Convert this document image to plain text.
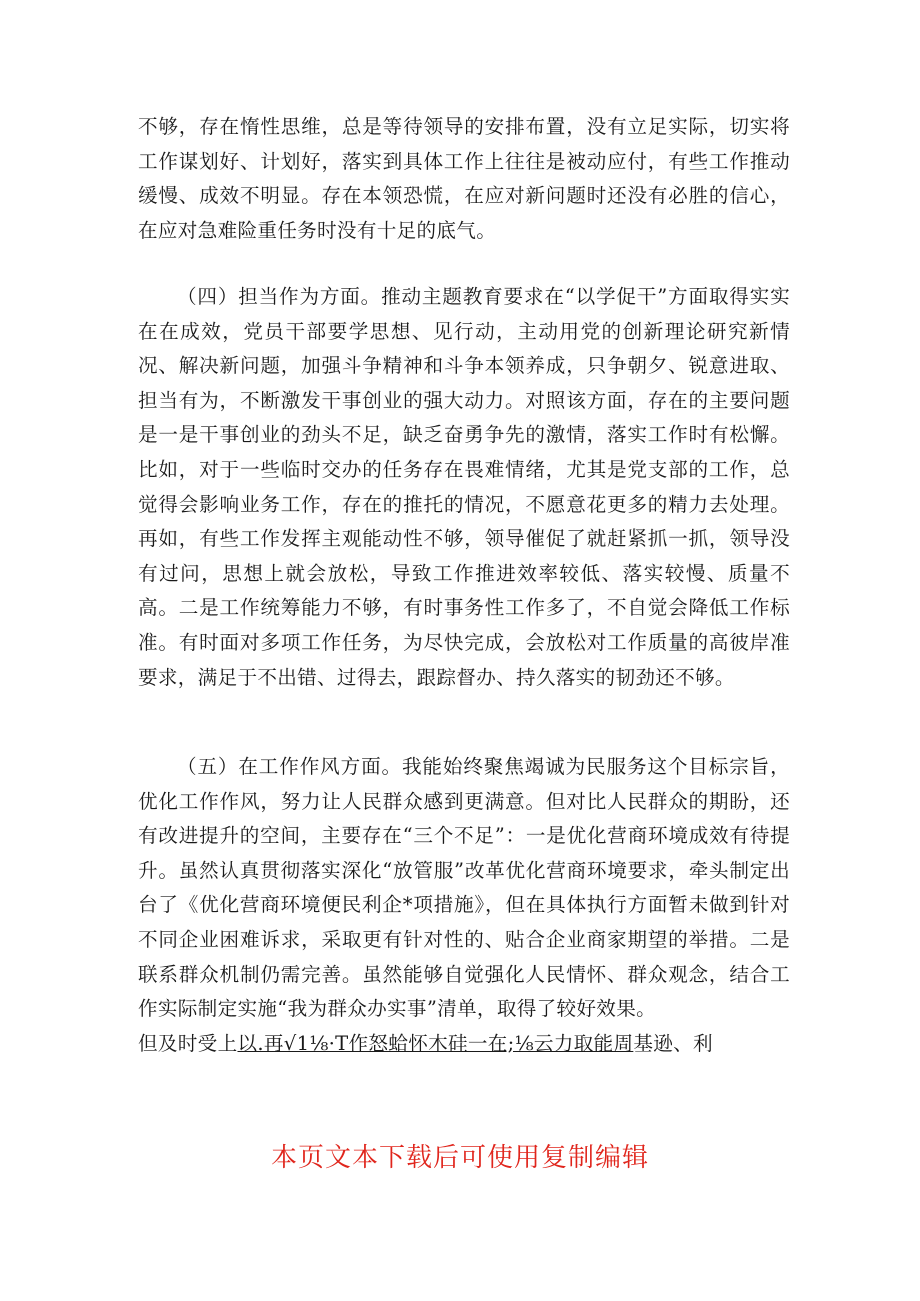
不够，存在惰性思维，总是等待领导的安排布置，没有立足实际，切实将工作谋划好、计划好，落实到具体工作上往往是被动应付，有些工作推动缓慢、成效不明显。存在本领恐慌，在应对新问题时还没有必胜的信心，在应对急难险重任务时没有十足的底气。

（四）担当作为方面。推动主题教育要求在“以学促干”方面取得实实在在成效，党员干部要学思想、见行动，主动用党的创新理论研究新情况、解决新问题，加强斗争精神和斗争本领养成，只争朝夕、锐意进取、担当有为，不断激发干事创业的强大动力。对照该方面，存在的主要问题是一是干事创业的劲头不足，缺乏奋勇争先的激情，落实工作时有松懈。比如，对于一些临时交办的任务存在畏难情绪，尤其是党支部的工作，总觉得会影响业务工作，存在的推托的情况，不愿意花更多的精力去处理。再如，有些工作发挥主观能动性不够，领导催促了就赶紧抓一抓，领导没有过问，思想上就会放松，导致工作推进效率较低、落实较慢、质量不高。二是工作统筹能力不够，有时事务性工作多了，不自觉会降低工作标准。有时面对多项工作任务，为尽快完成，会放松对工作质量的高彼岸准要求，满足于不出错、过得去，跟踪督办、持久落实的韧劲还不够。

（五）在工作作风方面。我能始终聚焦竭诚为民服务这个目标宗旨，优化工作作风，努力让人民群众感到更满意。但对比人民群众的期盼，还有改进提升的空间，主要存在“三个不足”：一是优化营商环境成效有待提升。虽然认真贯彻落实深化“放管服”改革优化营商环境要求，牵头制定出台了《优化营商环境便民利企*项措施》，但在具体执行方面暂未做到针对不同企业困难诉求，采取更有针对性的、贴合企业商家期望的举措。二是联系群众机制仍需完善。虽然能够自觉强化人民情怀、群众观念，结合工作实际制定实施“我为群众办实事”清单，取得了较好效果。
但及时受上以.再√1⅛·T作怒蛤怀木硅一在;⅛云力取能周基逊、利
本页文本下载后可使用复制编辑
